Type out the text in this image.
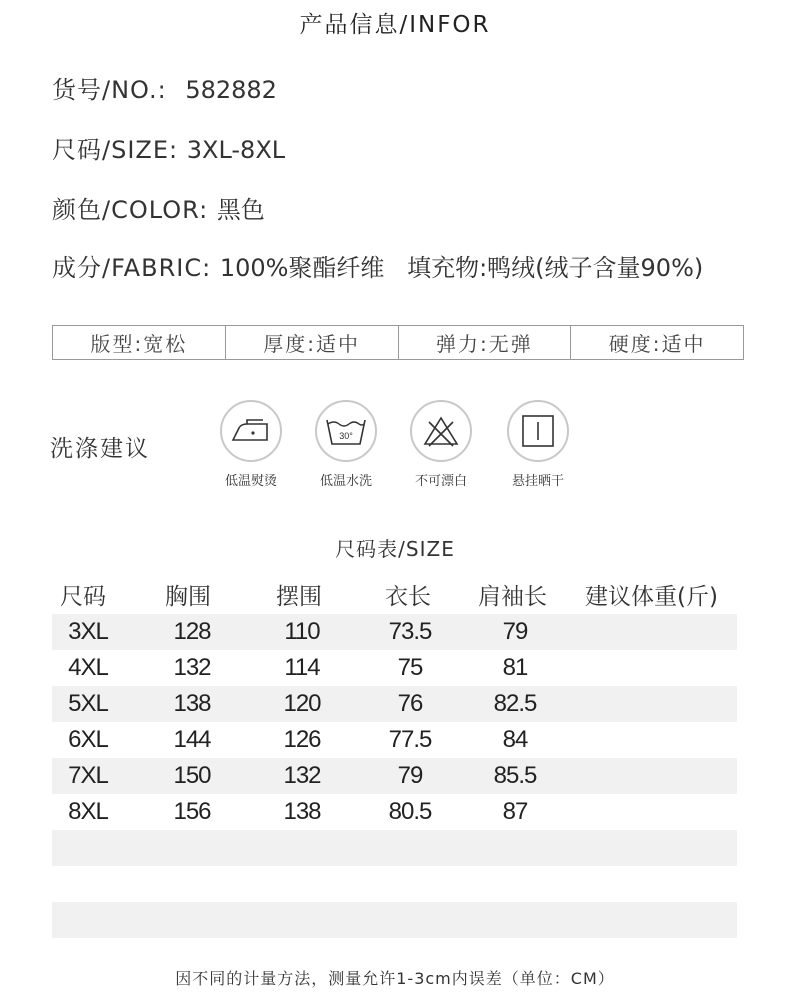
产品信息/INFOR
货号/NO.: 582882
尺码/SIZE: 3XL-8XL
颜色/COLOR: 黑色
成分/FABRIC: 100%聚酯纤维 填充物:鸭绒(绒子含量90%)
版型:宽松	厚度:适中	弹力:无弹	硬度:适中
洗涤建议
低温熨烫
30°
低温水洗	不可漂白	悬挂晒干
尺码表/SIZE
尺码	胸围	摆围	衣长 肩袖长 建议体重(斤)
3XL	128	110	73.5	79
4XL	132	114	75	81
5XL	138	120	76	82.5
6XL	144	126	77.5	84
7XL	150	132	79	85.5
8XL	156	138	80.5	87
因不同的计量方法，测量允许1-3cm内误差（单位：CM）
